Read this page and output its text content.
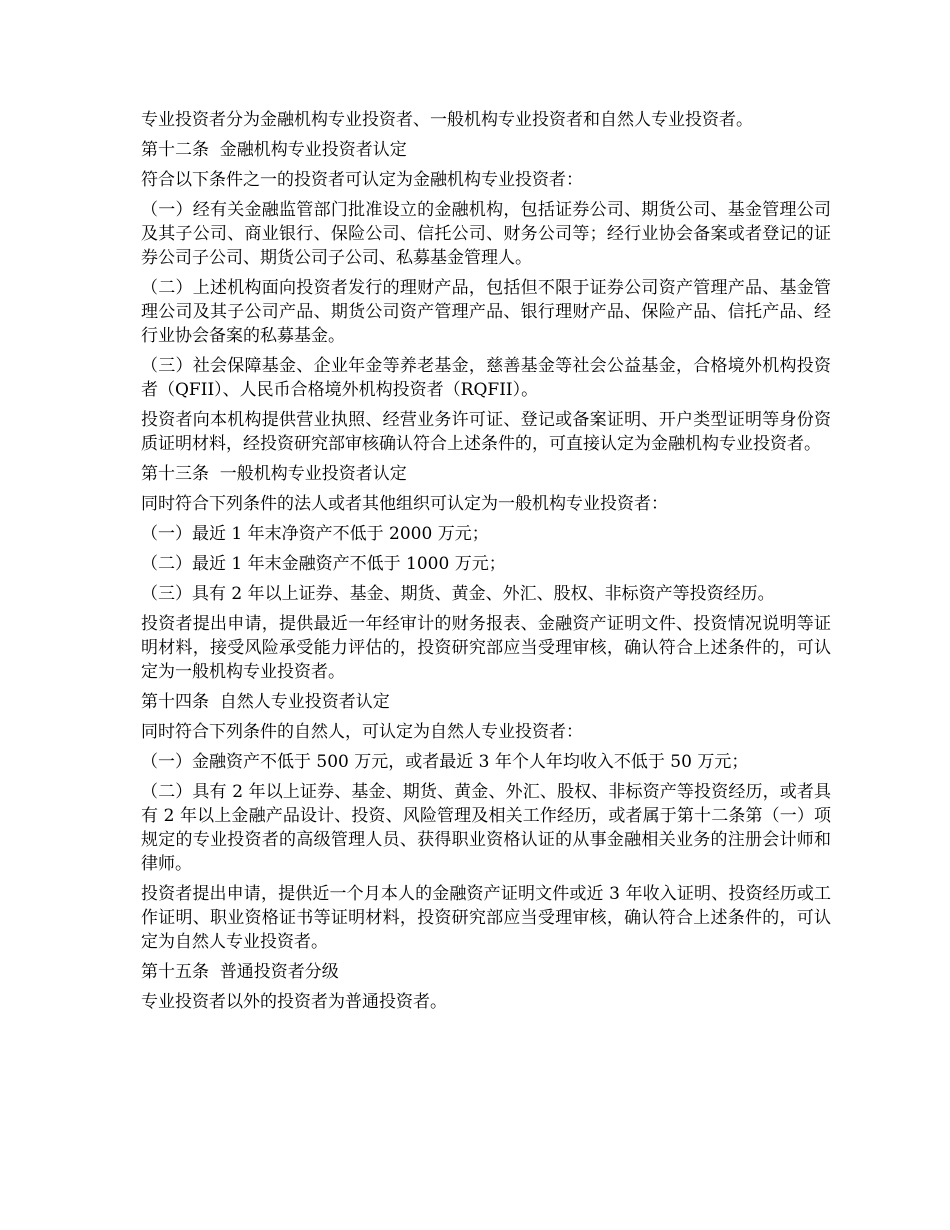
专业投资者分为金融机构专业投资者、一般机构专业投资者和自然人专业投资者。

第十二条  金融机构专业投资者认定

符合以下条件之一的投资者可认定为金融机构专业投资者：

（一）经有关金融监管部门批准设立的金融机构，包括证券公司、期货公司、基金管理公司及其子公司、商业银行、保险公司、信托公司、财务公司等；经行业协会备案或者登记的证券公司子公司、期货公司子公司、私募基金管理人。

（二）上述机构面向投资者发行的理财产品，包括但不限于证券公司资产管理产品、基金管理公司及其子公司产品、期货公司资产管理产品、银行理财产品、保险产品、信托产品、经行业协会备案的私募基金。

（三）社会保障基金、企业年金等养老基金，慈善基金等社会公益基金，合格境外机构投资者（QFII）、人民币合格境外机构投资者（RQFII）。

投资者向本机构提供营业执照、经营业务许可证、登记或备案证明、开户类型证明等身份资质证明材料，经投资研究部审核确认符合上述条件的，可直接认定为金融机构专业投资者。

第十三条  一般机构专业投资者认定

同时符合下列条件的法人或者其他组织可认定为一般机构专业投资者：

（一）最近 1 年末净资产不低于 2000 万元；

（二）最近 1 年末金融资产不低于 1000 万元；

（三）具有 2 年以上证券、基金、期货、黄金、外汇、股权、非标资产等投资经历。

投资者提出申请，提供最近一年经审计的财务报表、金融资产证明文件、投资情况说明等证明材料，接受风险承受能力评估的，投资研究部应当受理审核，确认符合上述条件的，可认定为一般机构专业投资者。

第十四条  自然人专业投资者认定

同时符合下列条件的自然人，可认定为自然人专业投资者：

（一）金融资产不低于 500 万元，或者最近 3 年个人年均收入不低于 50 万元；

（二）具有 2 年以上证券、基金、期货、黄金、外汇、股权、非标资产等投资经历，或者具有 2 年以上金融产品设计、投资、风险管理及相关工作经历，或者属于第十二条第（一）项规定的专业投资者的高级管理人员、获得职业资格认证的从事金融相关业务的注册会计师和律师。

投资者提出申请，提供近一个月本人的金融资产证明文件或近 3 年收入证明、投资经历或工作证明、职业资格证书等证明材料，投资研究部应当受理审核，确认符合上述条件的，可认定为自然人专业投资者。

第十五条  普通投资者分级

专业投资者以外的投资者为普通投资者。
